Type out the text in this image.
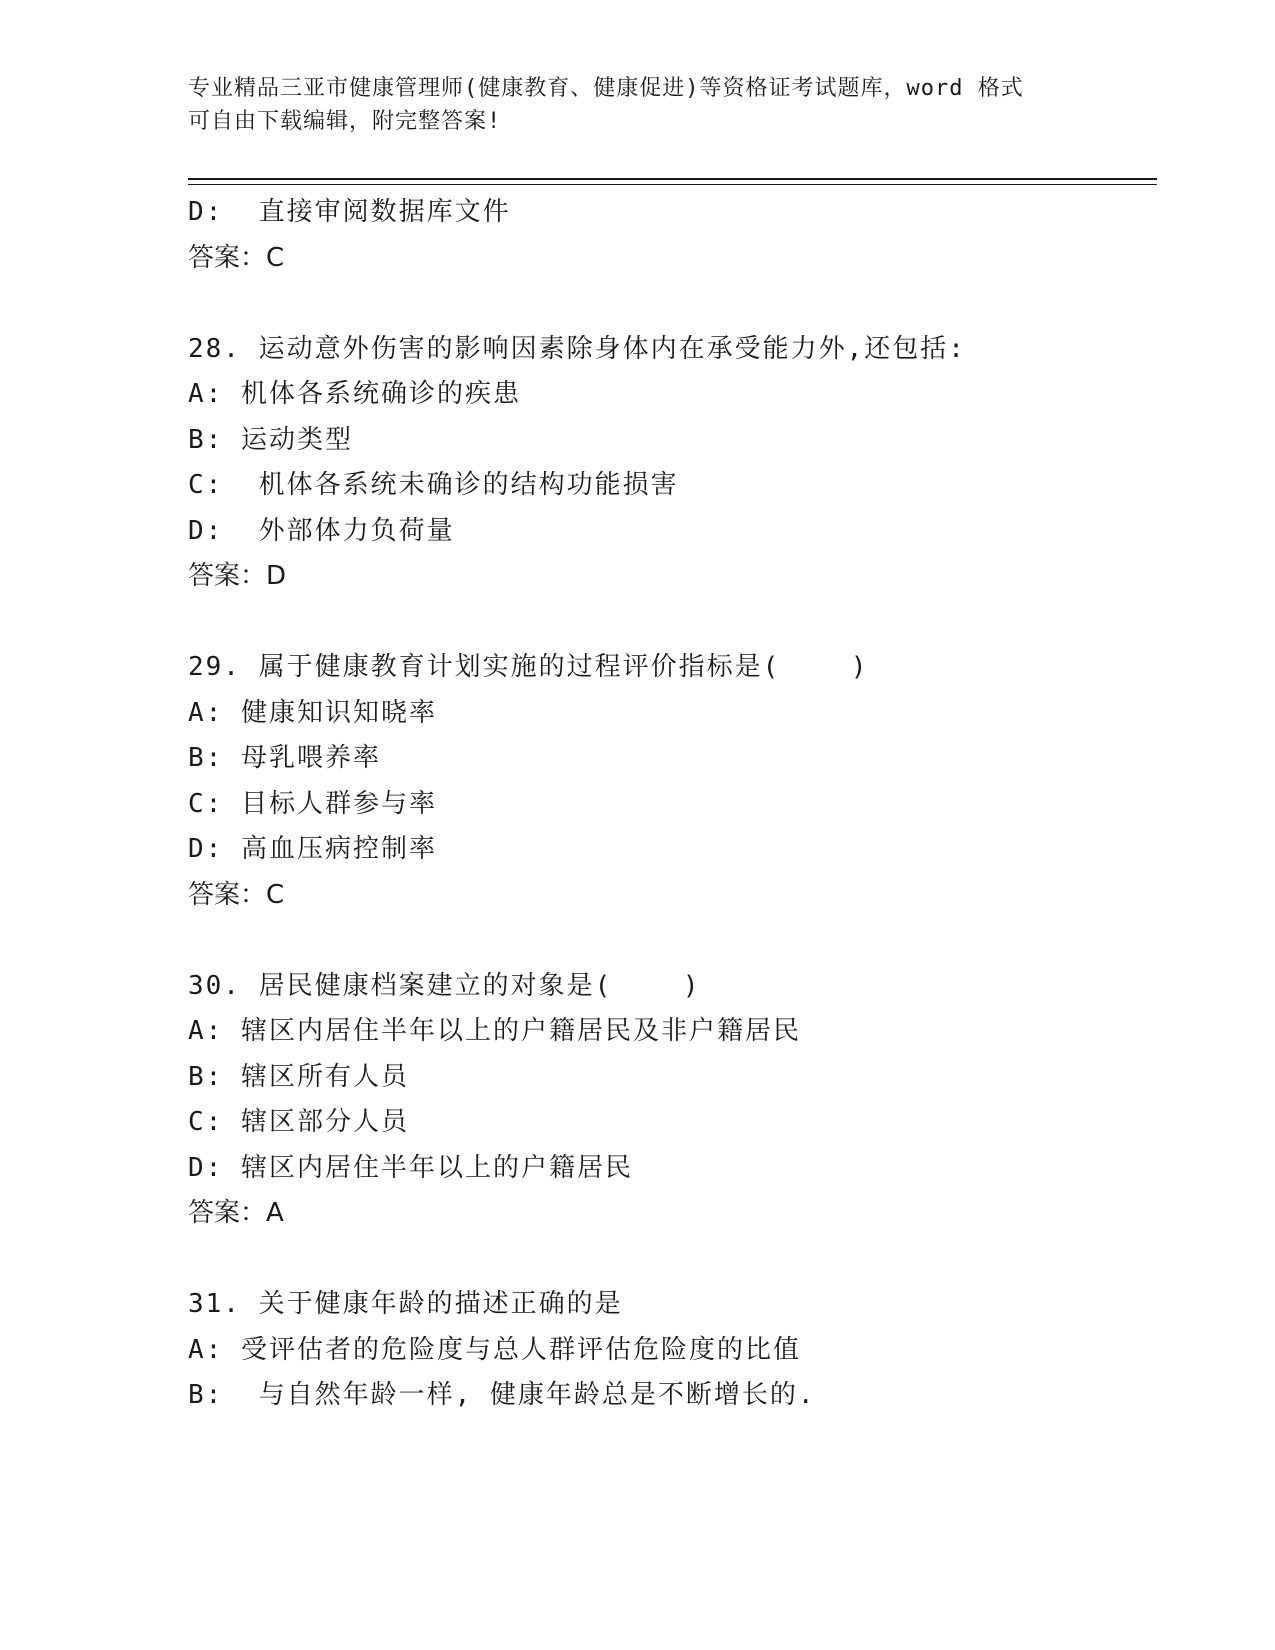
专业精品三亚市健康管理师(健康教育、健康促进)等资格证考试题库，word 格式
可自由下载编辑，附完整答案!
D:  直接审阅数据库文件
答案：C
28. 运动意外伤害的影响因素除身体内在承受能力外,还包括:
A: 机体各系统确诊的疾患
B: 运动类型
C:  机体各系统未确诊的结构功能损害
D:  外部体力负荷量
答案：D
29. 属于健康教育计划实施的过程评价指标是(    )
A: 健康知识知晓率
B: 母乳喂养率
C: 目标人群参与率
D: 高血压病控制率
答案：C
30. 居民健康档案建立的对象是(    )
A: 辖区内居住半年以上的户籍居民及非户籍居民
B: 辖区所有人员
C: 辖区部分人员
D: 辖区内居住半年以上的户籍居民
答案：A
31. 关于健康年龄的描述正确的是
A: 受评估者的危险度与总人群评估危险度的比值
B:  与自然年龄一样, 健康年龄总是不断增长的.
